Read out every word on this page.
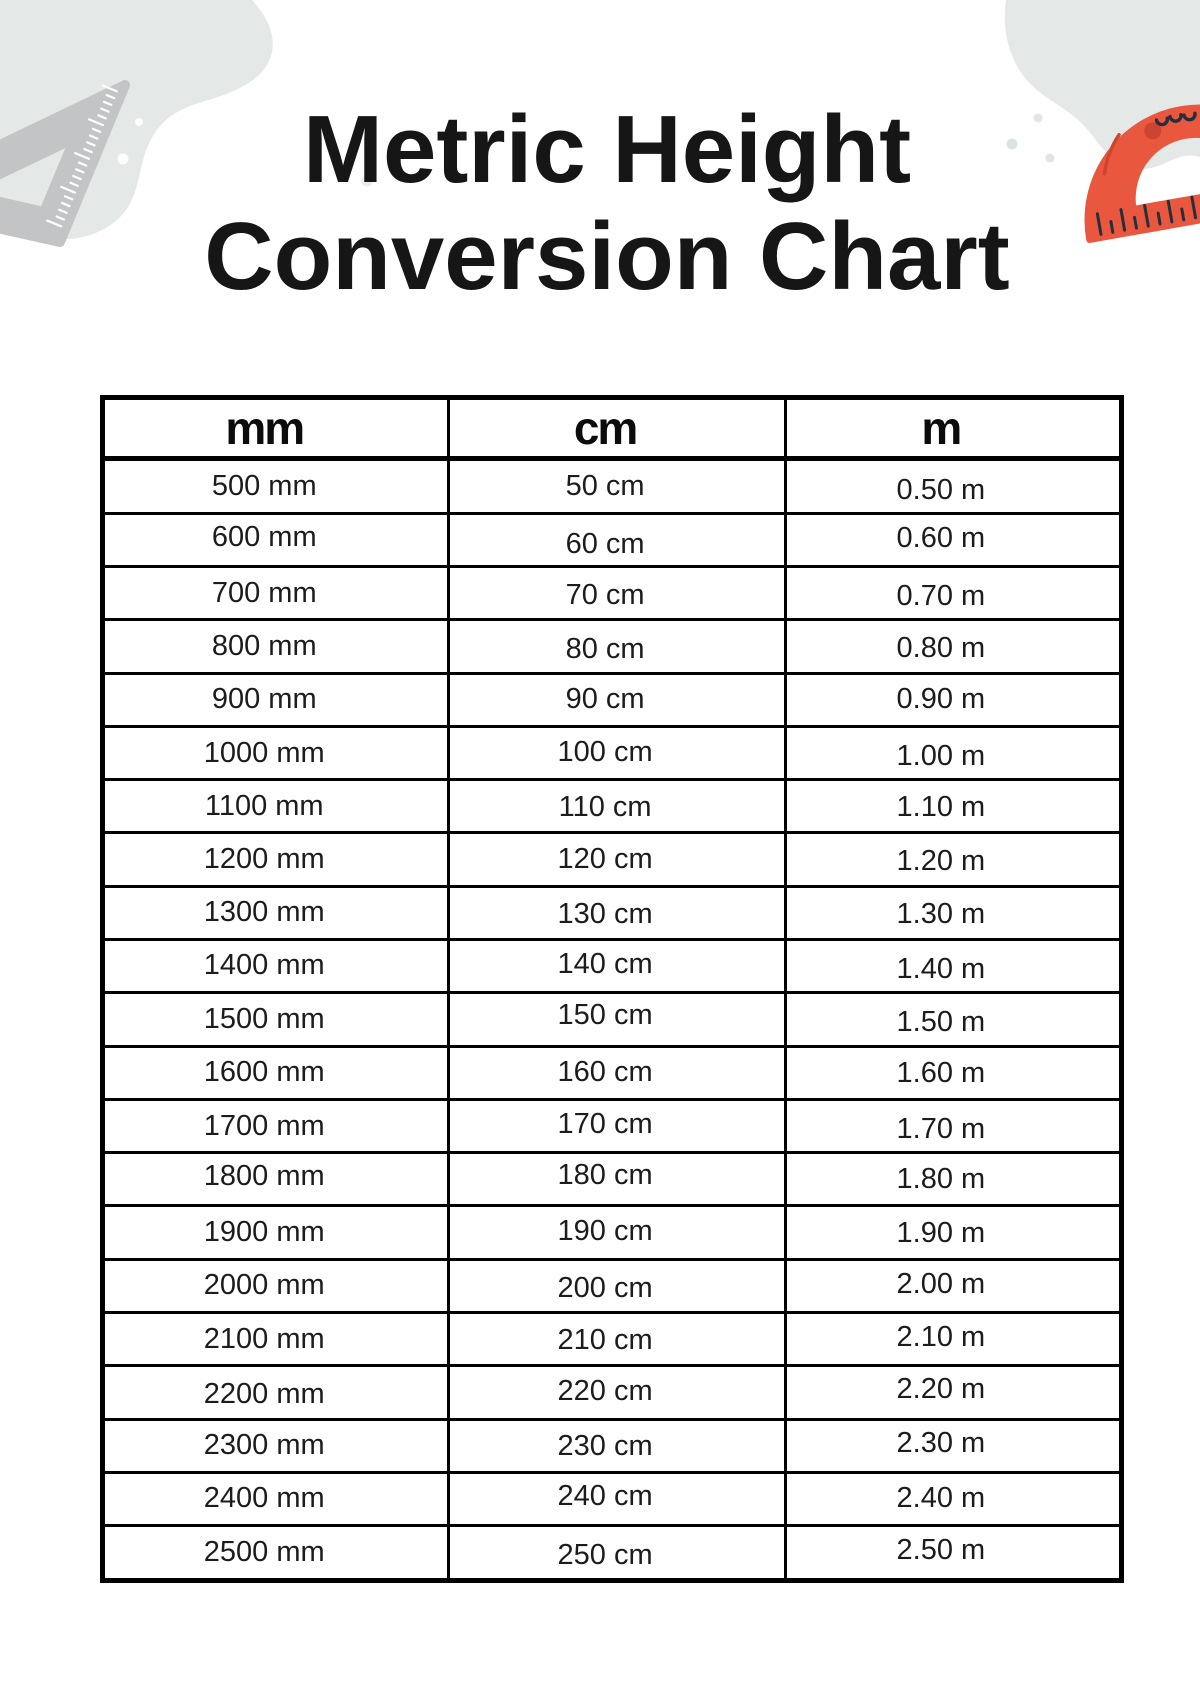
Metric Height
Conversion Chart
mm	cm	m
500 mm	50 cm	0.50 m
600 mm	60 cm	0.60 m
700 mm	70 cm	0.70 m
800 mm	80 cm	0.80 m
900 mm	90 cm	0.90 m
1000 mm	100 cm	1.00 m
1100 mm	110 cm	1.10 m
1200 mm	120 cm	1.20 m
1300 mm	130 cm	1.30 m
1400 mm	140 cm	1.40 m
1500 mm	150 cm	1.50 m
1600 mm	160 cm	1.60 m
1700 mm	170 cm	1.70 m
1800 mm	180 cm	1.80 m
1900 mm	190 cm	1.90 m
2000 mm	200 cm	2.00 m
2100 mm	210 cm	2.10 m
2200 mm	220 cm	2.20 m
2300 mm	230 cm	2.30 m
2400 mm	240 cm	2.40 m
2500 mm	250 cm	2.50 m
